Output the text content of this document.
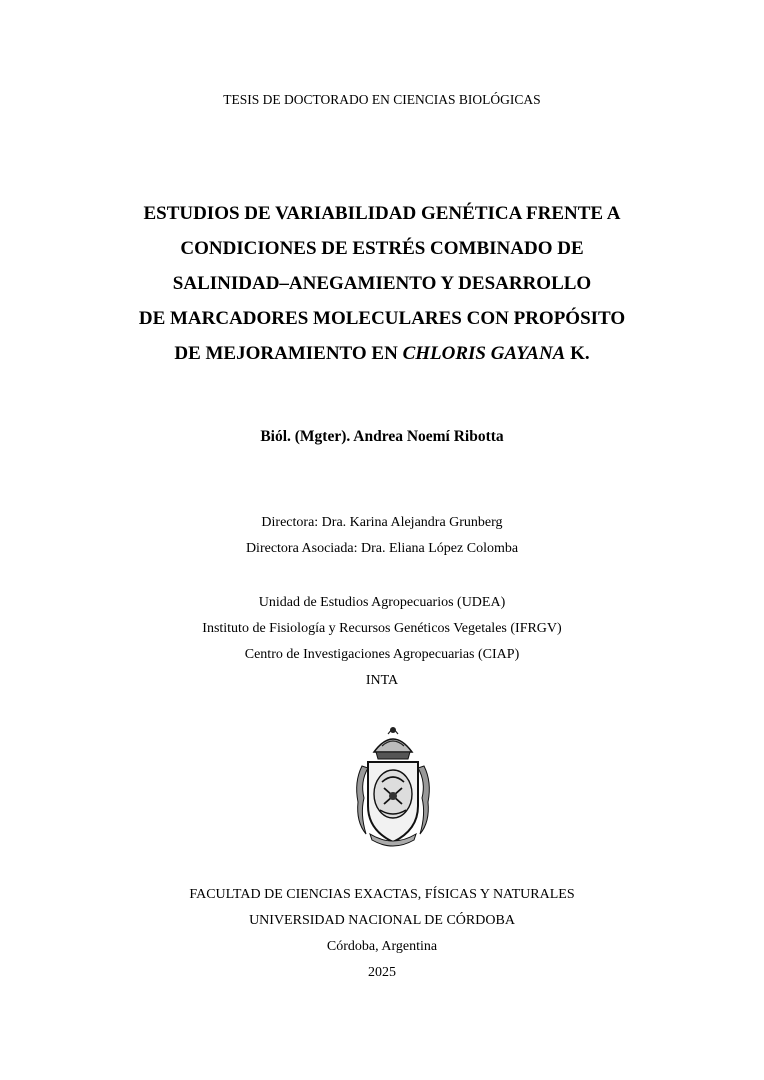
TESIS DE DOCTORADO EN CIENCIAS BIOLÓGICAS
ESTUDIOS DE VARIABILIDAD GENÉTICA FRENTE A
CONDICIONES DE ESTRÉS COMBINADO DE
SALINIDAD–ANEGAMIENTO Y DESARROLLO
DE MARCADORES MOLECULARES CON PROPÓSITO
DE MEJORAMIENTO EN CHLORIS GAYANA K.
Biól. (Mgter). Andrea Noemí Ribotta
Directora: Dra. Karina Alejandra Grunberg
Directora Asociada: Dra. Eliana López Colomba
Unidad de Estudios Agropecuarios (UDEA)
Instituto de Fisiología y Recursos Genéticos Vegetales (IFRGV)
Centro de Investigaciones Agropecuarias (CIAP)
INTA
FACULTAD DE CIENCIAS EXACTAS, FÍSICAS Y NATURALES
UNIVERSIDAD NACIONAL DE CÓRDOBA
Córdoba, Argentina
2025
